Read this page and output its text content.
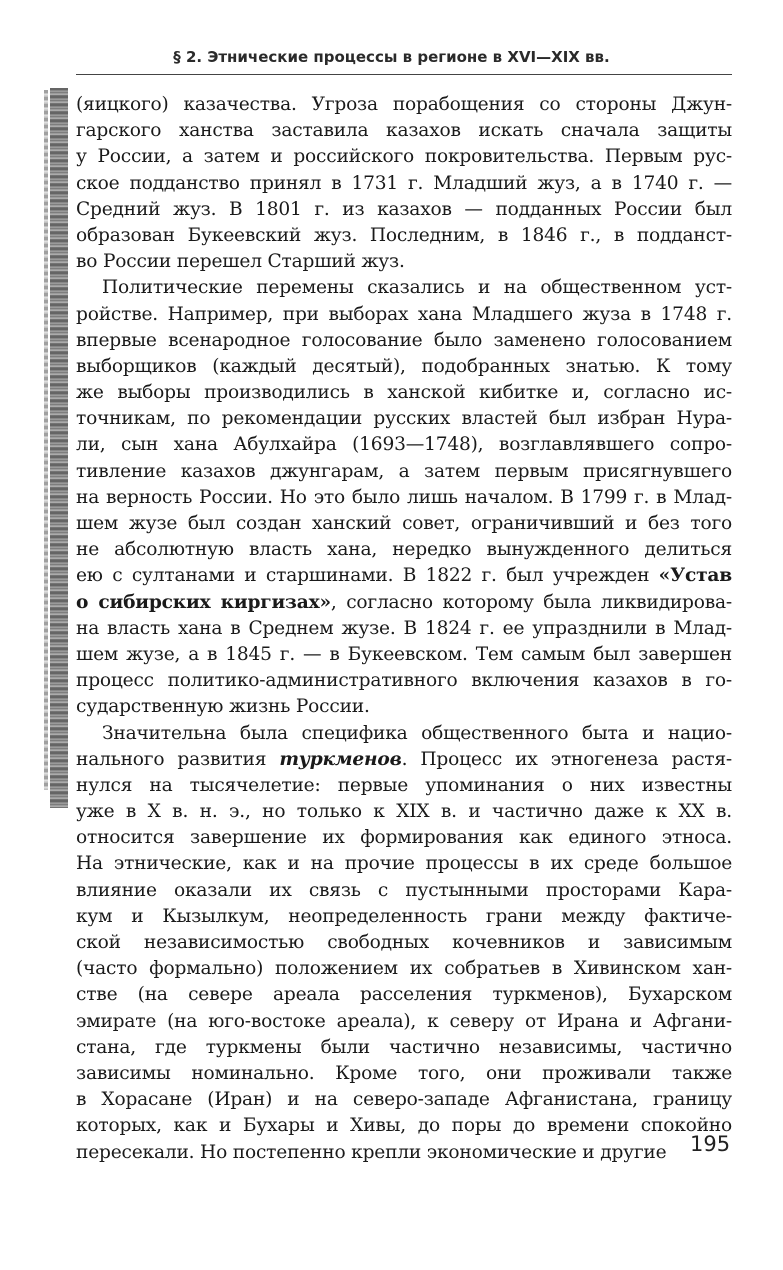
§ 2. Этнические процессы в регионе в XVI—XIX вв.
(яицкого) казачества. Угроза порабощения со стороны Джун-
гарского ханства заставила казахов искать сначала защиты
у России, а затем и российского покровительства. Первым рус-
ское подданство принял в 1731 г. Младший жуз, а в 1740 г. —
Средний жуз. В 1801 г. из казахов — подданных России был
образован Букеевский жуз. Последним, в 1846 г., в подданст-
во России перешел Старший жуз.
Политические перемены сказались и на общественном уст-
ройстве. Например, при выборах хана Младшего жуза в 1748 г.
впервые всенародное голосование было заменено голосованием
выборщиков (каждый десятый), подобранных знатью. К тому
же выборы производились в ханской кибитке и, согласно ис-
точникам, по рекомендации русских властей был избран Нура-
ли, сын хана Абулхайра (1693—1748), возглавлявшего сопро-
тивление казахов джунгарам, а затем первым присягнувшего
на верность России. Но это было лишь началом. В 1799 г. в Млад-
шем жузе был создан ханский совет, ограничивший и без того
не абсолютную власть хана, нередко вынужденного делиться
ею с султанами и старшинами. В 1822 г. был учрежден «Устав
о сибирских киргизах», согласно которому была ликвидирова-
на власть хана в Среднем жузе. В 1824 г. ее упразднили в Млад-
шем жузе, а в 1845 г. — в Букеевском. Тем самым был завершен
процесс политико-административного включения казахов в го-
сударственную жизнь России.
Значительна была специфика общественного быта и нацио-
нального развития туркменов. Процесс их этногенеза растя-
нулся на тысячелетие: первые упоминания о них известны
уже в X в. н. э., но только к XIX в. и частично даже к XX в.
относится завершение их формирования как единого этноса.
На этнические, как и на прочие процессы в их среде большое
влияние оказали их связь с пустынными просторами Кара-
кум и Кызылкум, неопределенность грани между фактиче-
ской независимостью свободных кочевников и зависимым
(часто формально) положением их собратьев в Хивинском хан-
стве (на севере ареала расселения туркменов), Бухарском
эмирате (на юго-востоке ареала), к северу от Ирана и Афгани-
стана, где туркмены были частично независимы, частично
зависимы номинально. Кроме того, они проживали также
в Хорасане (Иран) и на северо-западе Афганистана, границу
которых, как и Бухары и Хивы, до поры до времени спокойно
пересекали. Но постепенно крепли экономические и другие	195
